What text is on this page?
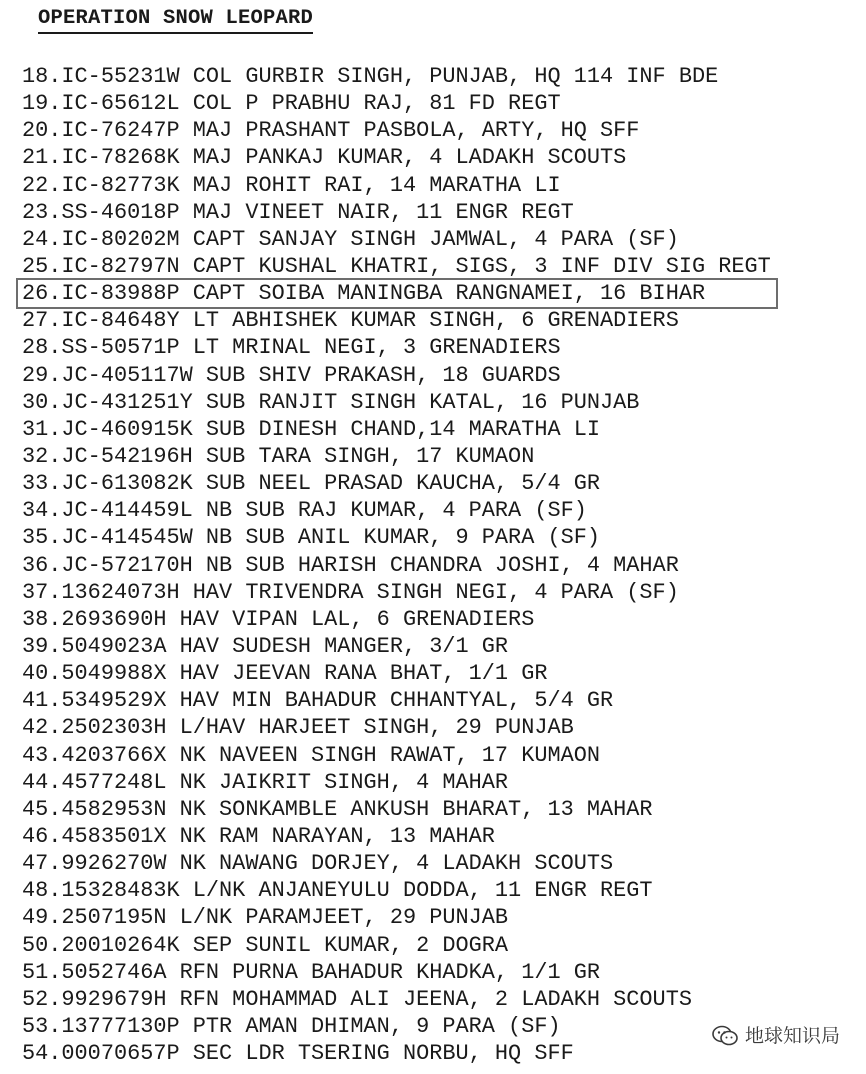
OPERATION SNOW LEOPARD
18.IC-55231W COL GURBIR SINGH, PUNJAB, HQ 114 INF BDE
19.IC-65612L COL P PRABHU RAJ, 81 FD REGT
20.IC-76247P MAJ PRASHANT PASBOLA, ARTY, HQ SFF
21.IC-78268K MAJ PANKAJ KUMAR, 4 LADAKH SCOUTS
22.IC-82773K MAJ ROHIT RAI, 14 MARATHA LI
23.SS-46018P MAJ VINEET NAIR, 11 ENGR REGT
24.IC-80202M CAPT SANJAY SINGH JAMWAL, 4 PARA (SF)
25.IC-82797N CAPT KUSHAL KHATRI, SIGS, 3 INF DIV SIG REGT
26.IC-83988P CAPT SOIBA MANINGBA RANGNAMEI, 16 BIHAR
27.IC-84648Y LT ABHISHEK KUMAR SINGH, 6 GRENADIERS
28.SS-50571P LT MRINAL NEGI, 3 GRENADIERS
29.JC-405117W SUB SHIV PRAKASH, 18 GUARDS
30.JC-431251Y SUB RANJIT SINGH KATAL, 16 PUNJAB
31.JC-460915K SUB DINESH CHAND,14 MARATHA LI
32.JC-542196H SUB TARA SINGH, 17 KUMAON
33.JC-613082K SUB NEEL PRASAD KAUCHA, 5/4 GR
34.JC-414459L NB SUB RAJ KUMAR, 4 PARA (SF)
35.JC-414545W NB SUB ANIL KUMAR, 9 PARA (SF)
36.JC-572170H NB SUB HARISH CHANDRA JOSHI, 4 MAHAR
37.13624073H HAV TRIVENDRA SINGH NEGI, 4 PARA (SF)
38.2693690H HAV VIPAN LAL, 6 GRENADIERS
39.5049023A HAV SUDESH MANGER, 3/1 GR
40.5049988X HAV JEEVAN RANA BHAT, 1/1 GR
41.5349529X HAV MIN BAHADUR CHHANTYAL, 5/4 GR
42.2502303H L/HAV HARJEET SINGH, 29 PUNJAB
43.4203766X NK NAVEEN SINGH RAWAT, 17 KUMAON
44.4577248L NK JAIKRIT SINGH, 4 MAHAR
45.4582953N NK SONKAMBLE ANKUSH BHARAT, 13 MAHAR
46.4583501X NK RAM NARAYAN, 13 MAHAR
47.9926270W NK NAWANG DORJEY, 4 LADAKH SCOUTS
48.15328483K L/NK ANJANEYULU DODDA, 11 ENGR REGT
49.2507195N L/NK PARAMJEET, 29 PUNJAB
50.20010264K SEP SUNIL KUMAR, 2 DOGRA
51.5052746A RFN PURNA BAHADUR KHADKA, 1/1 GR
52.9929679H RFN MOHAMMAD ALI JEENA, 2 LADAKH SCOUTS
53.13777130P PTR AMAN DHIMAN, 9 PARA (SF)
54.00070657P SEC LDR TSERING NORBU, HQ SFF
地球知识局
